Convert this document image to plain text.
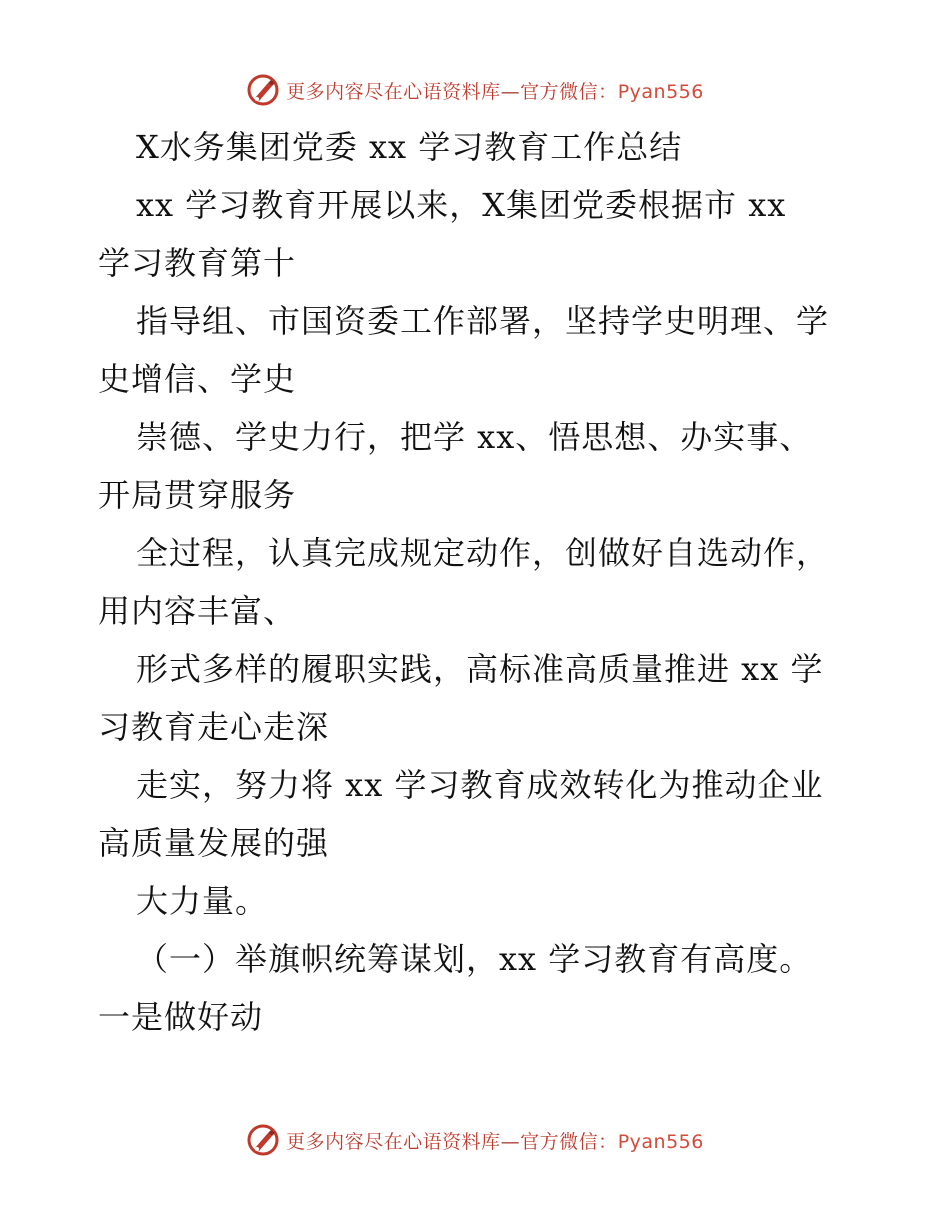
更多内容尽在心语资料库—官方微信：Pyan556
X水务集团党委 xx 学习教育工作总结
xx 学习教育开展以来，X集团党委根据市 xx
学习教育第十
指导组、市国资委工作部署，坚持学史明理、学
史增信、学史
崇德、学史力行，把学 xx、悟思想、办实事、
开局贯穿服务
全过程，认真完成规定动作，创做好自选动作，
用内容丰富、
形式多样的履职实践，高标准高质量推进 xx 学
习教育走心走深
走实，努力将 xx 学习教育成效转化为推动企业
高质量发展的强
大力量。
（一）举旗帜统筹谋划，xx 学习教育有高度。
一是做好动
更多内容尽在心语资料库—官方微信：Pyan556
